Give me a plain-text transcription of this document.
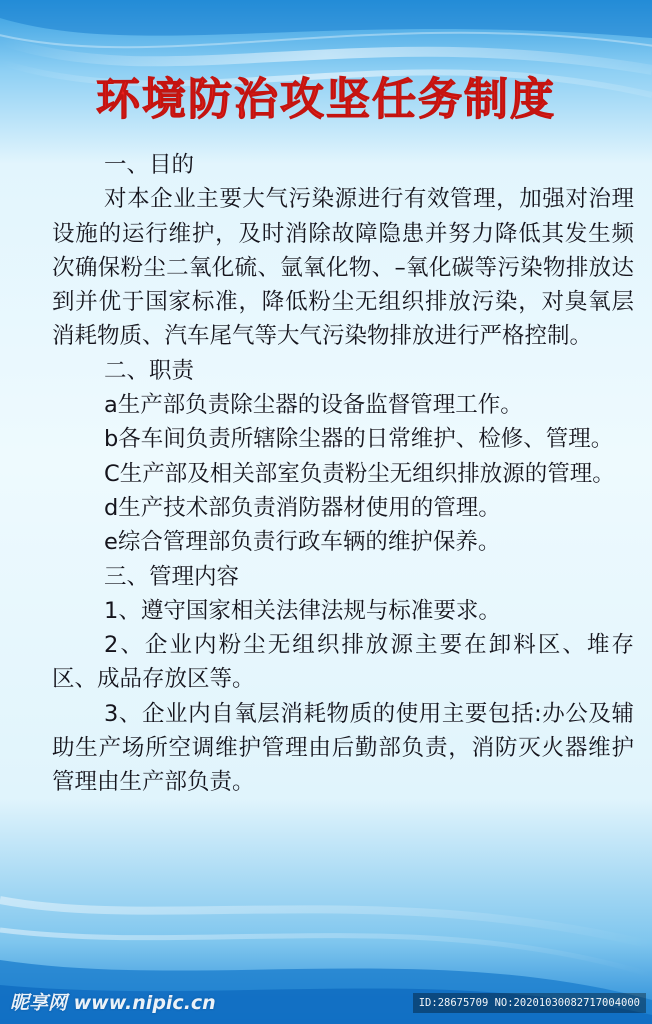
环境防治攻坚任务制度

一、目的

对本企业主要大气污染源进行有效管理，加强对治理设施的运行维护，及时消除故障隐患并努力降低其发生频次确保粉尘二氧化硫、氩氧化物、–氧化碳等污染物排放达到并优于国家标准，降低粉尘无组织排放污染，对臭氧层消耗物质、汽车尾气等大气污染物排放进行严格控制。

二、职责

a生产部负责除尘器的设备监督管理工作。

b各车间负责所辖除尘器的日常维护、检修、管理。

C生产部及相关部室负责粉尘无组织排放源的管理。

d生产技术部负责消防器材使用的管理。

e综合管理部负责行政车辆的维护保养。

三、管理内容

1、遵守国家相关法律法规与标准要求。

2、企业内粉尘无组织排放源主要在卸料区、堆存区、成品存放区等。

3、企业内自氧层消耗物质的使用主要包括:办公及辅助生产场所空调维护管理由后勤部负责，消防灭火器维护管理由生产部负责。

昵享网 www.nipic.cn	ID:28675709 NO:20201030082717004000
